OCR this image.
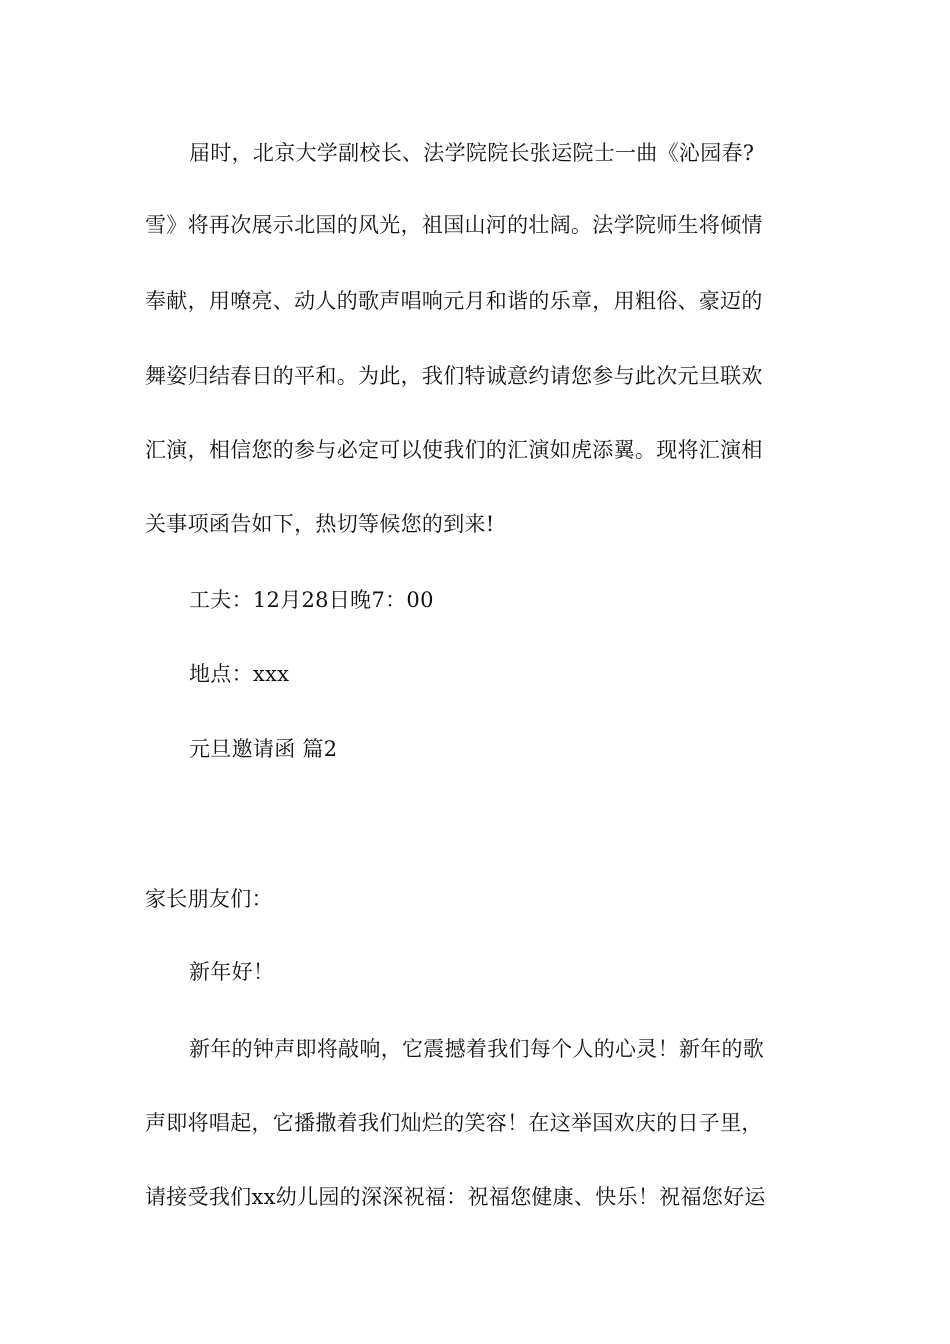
届时，北京大学副校长、法学院院长张运院士一曲《沁园春?
雪》将再次展示北国的风光，祖国山河的壮阔。法学院师生将倾情
奉献，用嘹亮、动人的歌声唱响元月和谐的乐章，用粗俗、豪迈的
舞姿归结春日的平和。为此，我们特诚意约请您参与此次元旦联欢
汇演，相信您的参与必定可以使我们的汇演如虎添翼。现将汇演相
关事项函告如下，热切等候您的到来!
工夫：12月28日晚7：00
地点：xxx
元旦邀请函 篇2
家长朋友们：
新年好！
新年的钟声即将敲响，它震撼着我们每个人的心灵！新年的歌
声即将唱起，它播撒着我们灿烂的笑容！在这举国欢庆的日子里，
请接受我们xx幼儿园的深深祝福：祝福您健康、快乐！祝福您好运
